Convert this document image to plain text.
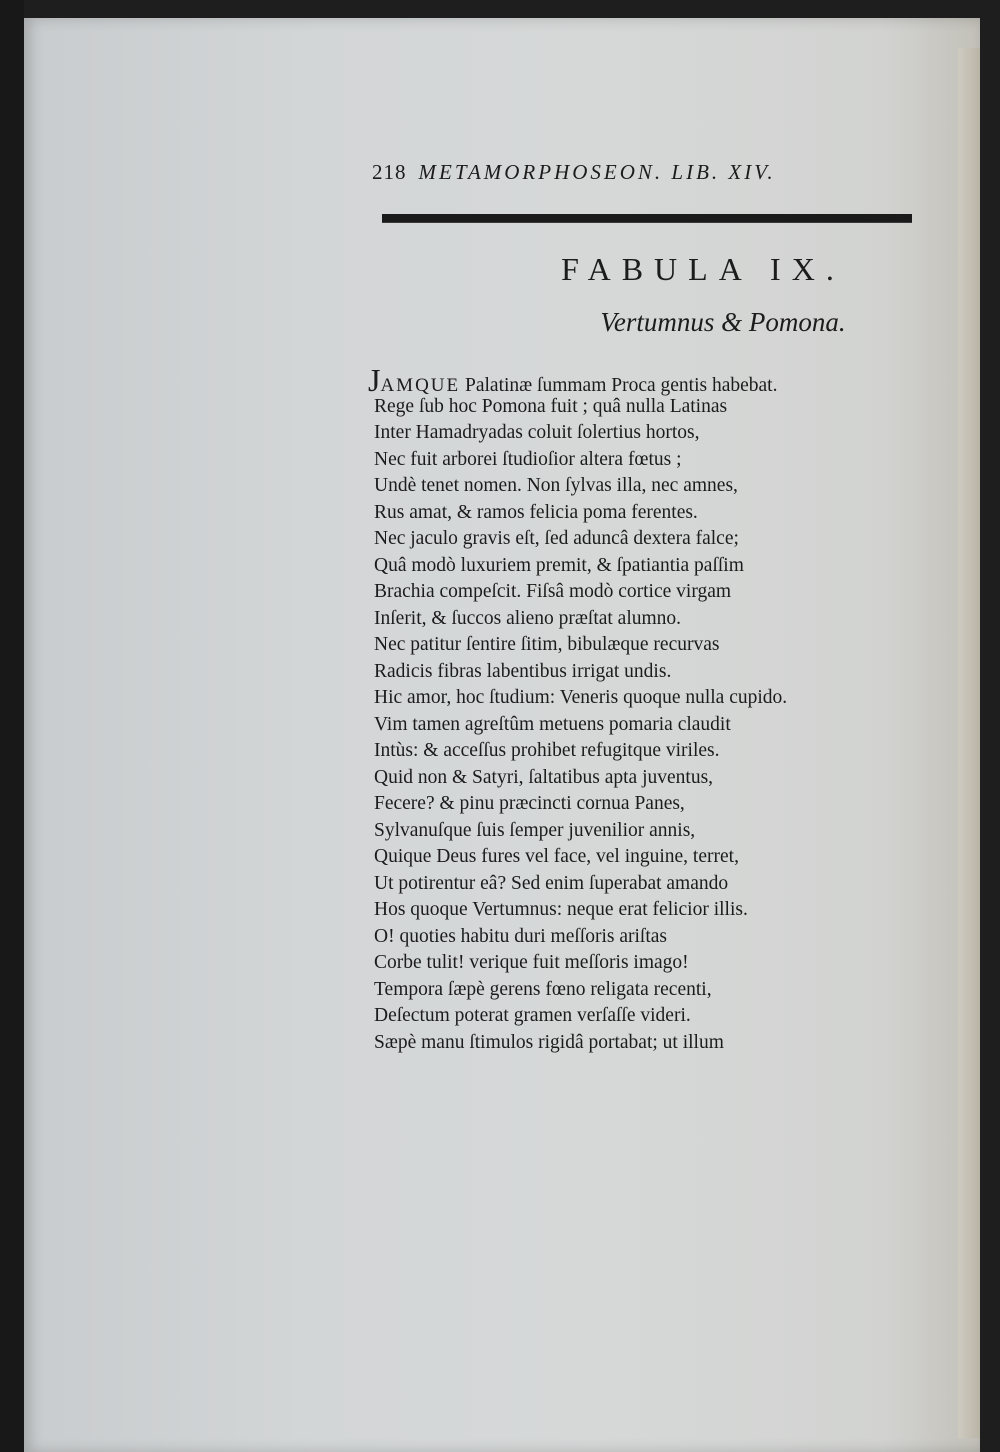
218 METAMORPHOSEON. LIB. XIV.
FABULA IX.
Vertumnus & Pomona.
JAMQUE Palatinæ ſummam Proca gentis habebat.
Rege ſub hoc Pomona fuit ; quâ nulla Latinas
Inter Hamadryadas coluit ſolertius hortos,
Nec fuit arborei ſtudioſior altera fœtus ;
Undè tenet nomen. Non ſylvas illa, nec amnes,
Rus amat, & ramos felicia poma ferentes.
Nec jaculo gravis eſt, ſed aduncâ dextera falce;
Quâ modò luxuriem premit, & ſpatiantia paſſim
Brachia compeſcit. Fiſsâ modò cortice virgam
Inſerit, & ſuccos alieno præſtat alumno.
Nec patitur ſentire ſitim, bibulæque recurvas
Radicis fibras labentibus irrigat undis.
Hic amor, hoc ſtudium: Veneris quoque nulla cupido.
Vim tamen agreſtûm metuens pomaria claudit
Intùs: & acceſſus prohibet refugitque viriles.
Quid non & Satyri, ſaltatibus apta juventus,
Fecere? & pinu præcincti cornua Panes,
Sylvanuſque ſuis ſemper juvenilior annis,
Quique Deus fures vel face, vel inguine, terret,
Ut potirentur eâ? Sed enim ſuperabat amando
Hos quoque Vertumnus: neque erat felicior illis.
O! quoties habitu duri meſſoris ariſtas
Corbe tulit! verique fuit meſſoris imago!
Tempora ſæpè gerens fœno religata recenti,
Deſectum poterat gramen verſaſſe videri.
Sæpè manu ſtimulos rigidâ portabat; ut illum
